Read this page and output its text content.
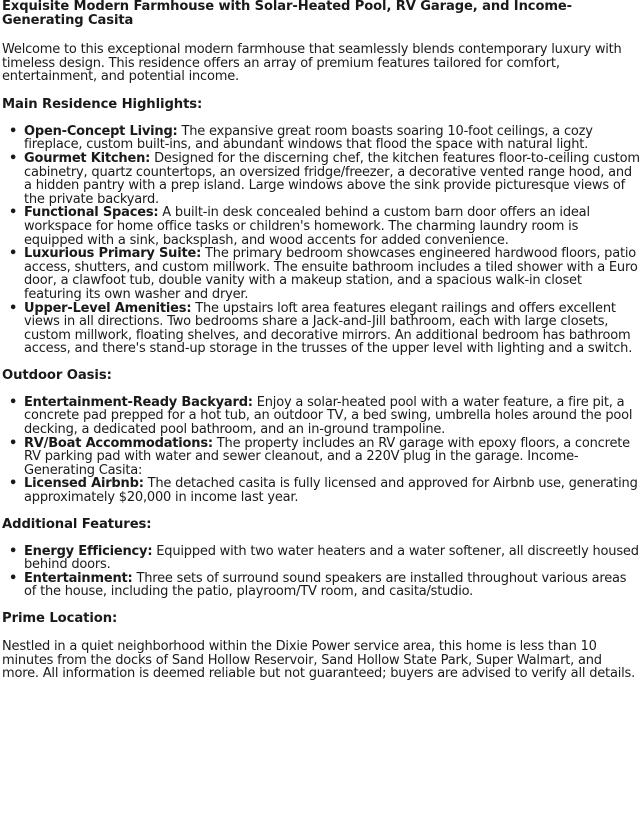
Exquisite Modern Farmhouse with Solar-Heated Pool, RV Garage, and Income-Generating Casita

Welcome to this exceptional modern farmhouse that seamlessly blends contemporary luxury with timeless design. This residence offers an array of premium features tailored for comfort, entertainment, and potential income.

Main Residence Highlights:
• Open-Concept Living: The expansive great room boasts soaring 10-foot ceilings, a cozy fireplace, custom built-ins, and abundant windows that flood the space with natural light.
• Gourmet Kitchen: Designed for the discerning chef, the kitchen features floor-to-ceiling custom cabinetry, quartz countertops, an oversized fridge/freezer, a decorative vented range hood, and a hidden pantry with a prep island. Large windows above the sink provide picturesque views of the private backyard.
• Functional Spaces: A built-in desk concealed behind a custom barn door offers an ideal workspace for home office tasks or children's homework. The charming laundry room is equipped with a sink, backsplash, and wood accents for added convenience.
• Luxurious Primary Suite: The primary bedroom showcases engineered hardwood floors, patio access, shutters, and custom millwork. The ensuite bathroom includes a tiled shower with a Euro door, a clawfoot tub, double vanity with a makeup station, and a spacious walk-in closet featuring its own washer and dryer.
• Upper-Level Amenities: The upstairs loft area features elegant railings and offers excellent views in all directions. Two bedrooms share a Jack-and-Jill bathroom, each with large closets, custom millwork, floating shelves, and decorative mirrors. An additional bedroom has bathroom access, and there's stand-up storage in the trusses of the upper level with lighting and a switch.
Outdoor Oasis:
• Entertainment-Ready Backyard: Enjoy a solar-heated pool with a water feature, a fire pit, a concrete pad prepped for a hot tub, an outdoor TV, a bed swing, umbrella holes around the pool decking, a dedicated pool bathroom, and an in-ground trampoline.
• RV/Boat Accommodations: The property includes an RV garage with epoxy floors, a concrete RV parking pad with water and sewer cleanout, and a 220V plug in the garage. Income-Generating Casita:
• Licensed Airbnb: The detached casita is fully licensed and approved for Airbnb use, generating approximately $20,000 in income last year.
Additional Features:
• Energy Efficiency: Equipped with two water heaters and a water softener, all discreetly housed behind doors.
• Entertainment: Three sets of surround sound speakers are installed throughout various areas of the house, including the patio, playroom/TV room, and casita/studio.
Prime Location:

Nestled in a quiet neighborhood within the Dixie Power service area, this home is less than 10 minutes from the docks of Sand Hollow Reservoir, Sand Hollow State Park, Super Walmart, and more. All information is deemed reliable but not guaranteed; buyers are advised to verify all details.
